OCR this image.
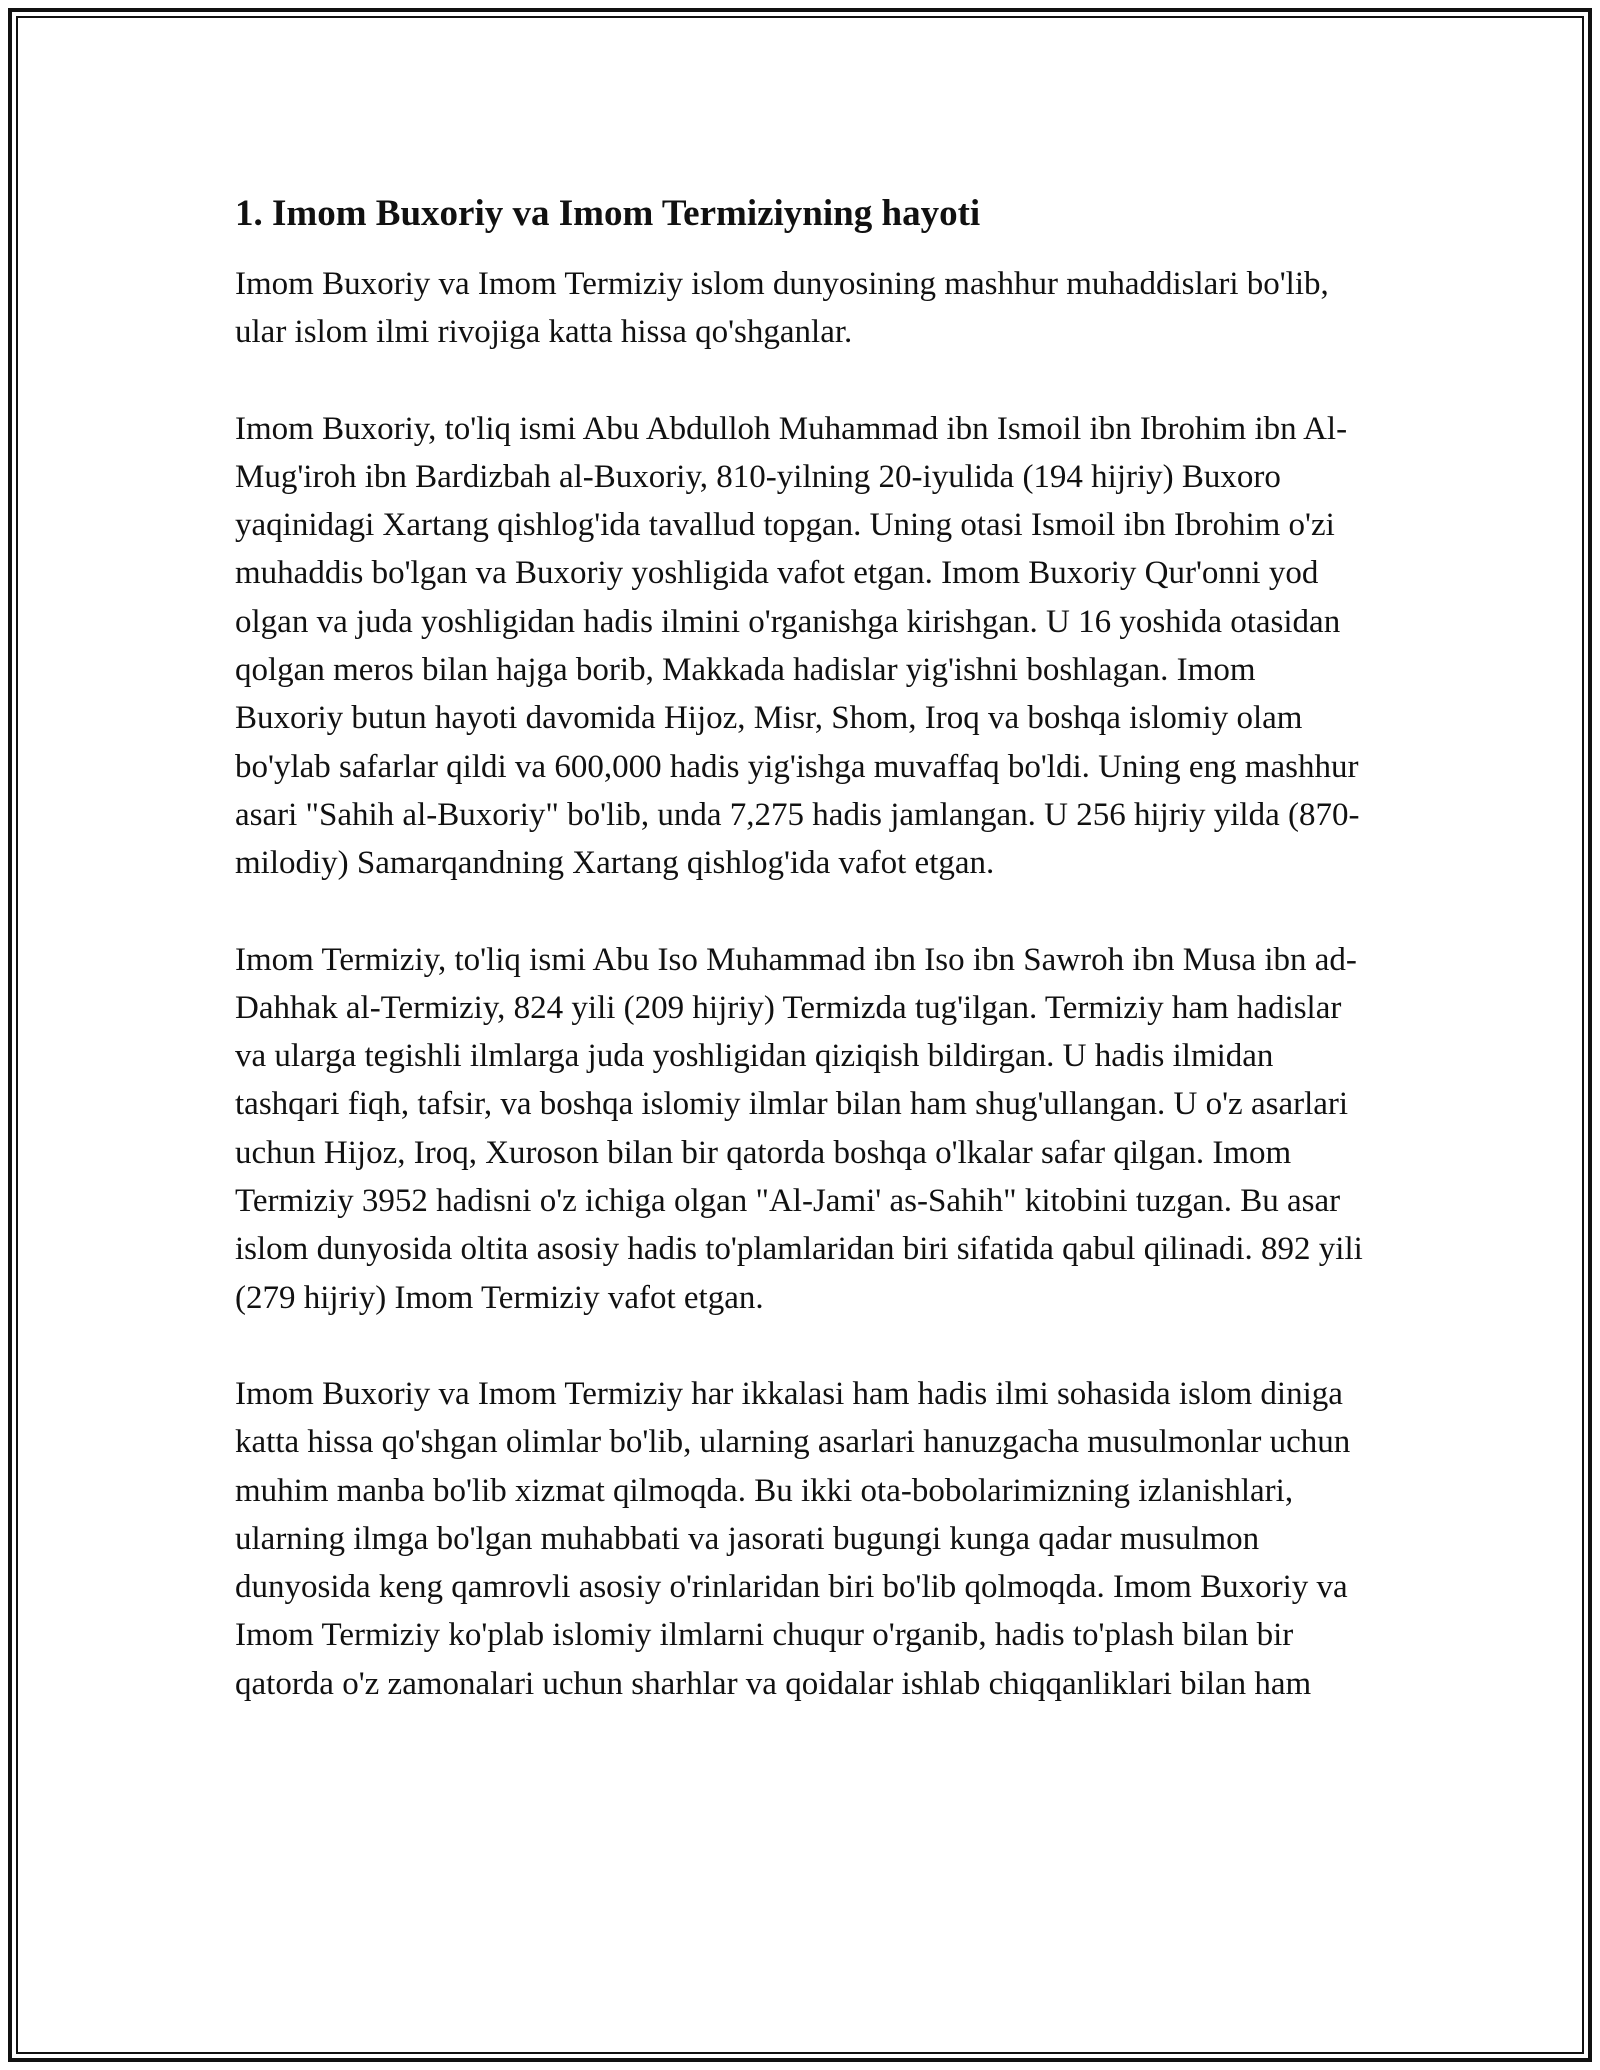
1. Imom Buxoriy va Imom Termiziyning hayoti

Imom Buxoriy va Imom Termiziy islom dunyosining mashhur muhaddislari bo'lib, ular islom ilmi rivojiga katta hissa qo'shganlar.

Imom Buxoriy, to'liq ismi Abu Abdulloh Muhammad ibn Ismoil ibn Ibrohim ibn Al-Mug'iroh ibn Bardizbah al-Buxoriy, 810-yilning 20-iyulida (194 hijriy) Buxoro yaqinidagi Xartang qishlog'ida tavallud topgan. Uning otasi Ismoil ibn Ibrohim o'zi muhaddis bo'lgan va Buxoriy yoshligida vafot etgan. Imom Buxoriy Qur'onni yod olgan va juda yoshligidan hadis ilmini o'rganishga kirishgan. U 16 yoshida otasidan qolgan meros bilan hajga borib, Makkada hadislar yig'ishni boshlagan. Imom Buxoriy butun hayoti davomida Hijoz, Misr, Shom, Iroq va boshqa islomiy olam bo'ylab safarlar qildi va 600,000 hadis yig'ishga muvaffaq bo'ldi. Uning eng mashhur asari "Sahih al-Buxoriy" bo'lib, unda 7,275 hadis jamlangan. U 256 hijriy yilda (870-milodiy) Samarqandning Xartang qishlog'ida vafot etgan.

Imom Termiziy, to'liq ismi Abu Iso Muhammad ibn Iso ibn Sawroh ibn Musa ibn ad-Dahhak al-Termiziy, 824 yili (209 hijriy) Termizda tug'ilgan. Termiziy ham hadislar va ularga tegishli ilmlarga juda yoshligidan qiziqish bildirgan. U hadis ilmidan tashqari fiqh, tafsir, va boshqa islomiy ilmlar bilan ham shug'ullangan. U o'z asarlari uchun Hijoz, Iroq, Xuroson bilan bir qatorda boshqa o'lkalar safar qilgan. Imom Termiziy 3952 hadisni o'z ichiga olgan "Al-Jami' as-Sahih" kitobini tuzgan. Bu asar islom dunyosida oltita asosiy hadis to'plamlaridan biri sifatida qabul qilinadi. 892 yili (279 hijriy) Imom Termiziy vafot etgan.

Imom Buxoriy va Imom Termiziy har ikkalasi ham hadis ilmi sohasida islom diniga katta hissa qo'shgan olimlar bo'lib, ularning asarlari hanuzgacha musulmonlar uchun muhim manba bo'lib xizmat qilmoqda. Bu ikki ota-bobolarimizning izlanishlari, ularning ilmga bo'lgan muhabbati va jasorati bugungi kunga qadar musulmon dunyosida keng qamrovli asosiy o'rinlaridan biri bo'lib qolmoqda. Imom Buxoriy va Imom Termiziy ko'plab islomiy ilmlarni chuqur o'rganib, hadis to'plash bilan bir qatorda o'z zamonalari uchun sharhlar va qoidalar ishlab chiqqanliklari bilan ham
